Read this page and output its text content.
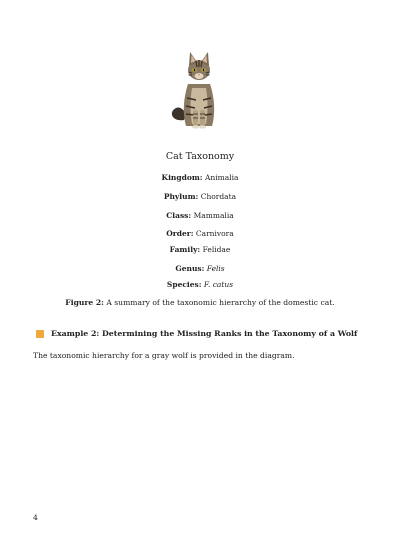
Cat Taxonomy
Kingdom: Animalia
Phylum: Chordata
Class: Mammalia
Order: Carnivora
Family: Felidae
Genus: Felis
Species: F. catus
Figure 2: A summary of the taxonomic hierarchy of the domestic cat.
Example 2: Determining the Missing Ranks in the Taxonomy of a Wolf
The taxonomic hierarchy for a gray wolf is provided in the diagram.
4
